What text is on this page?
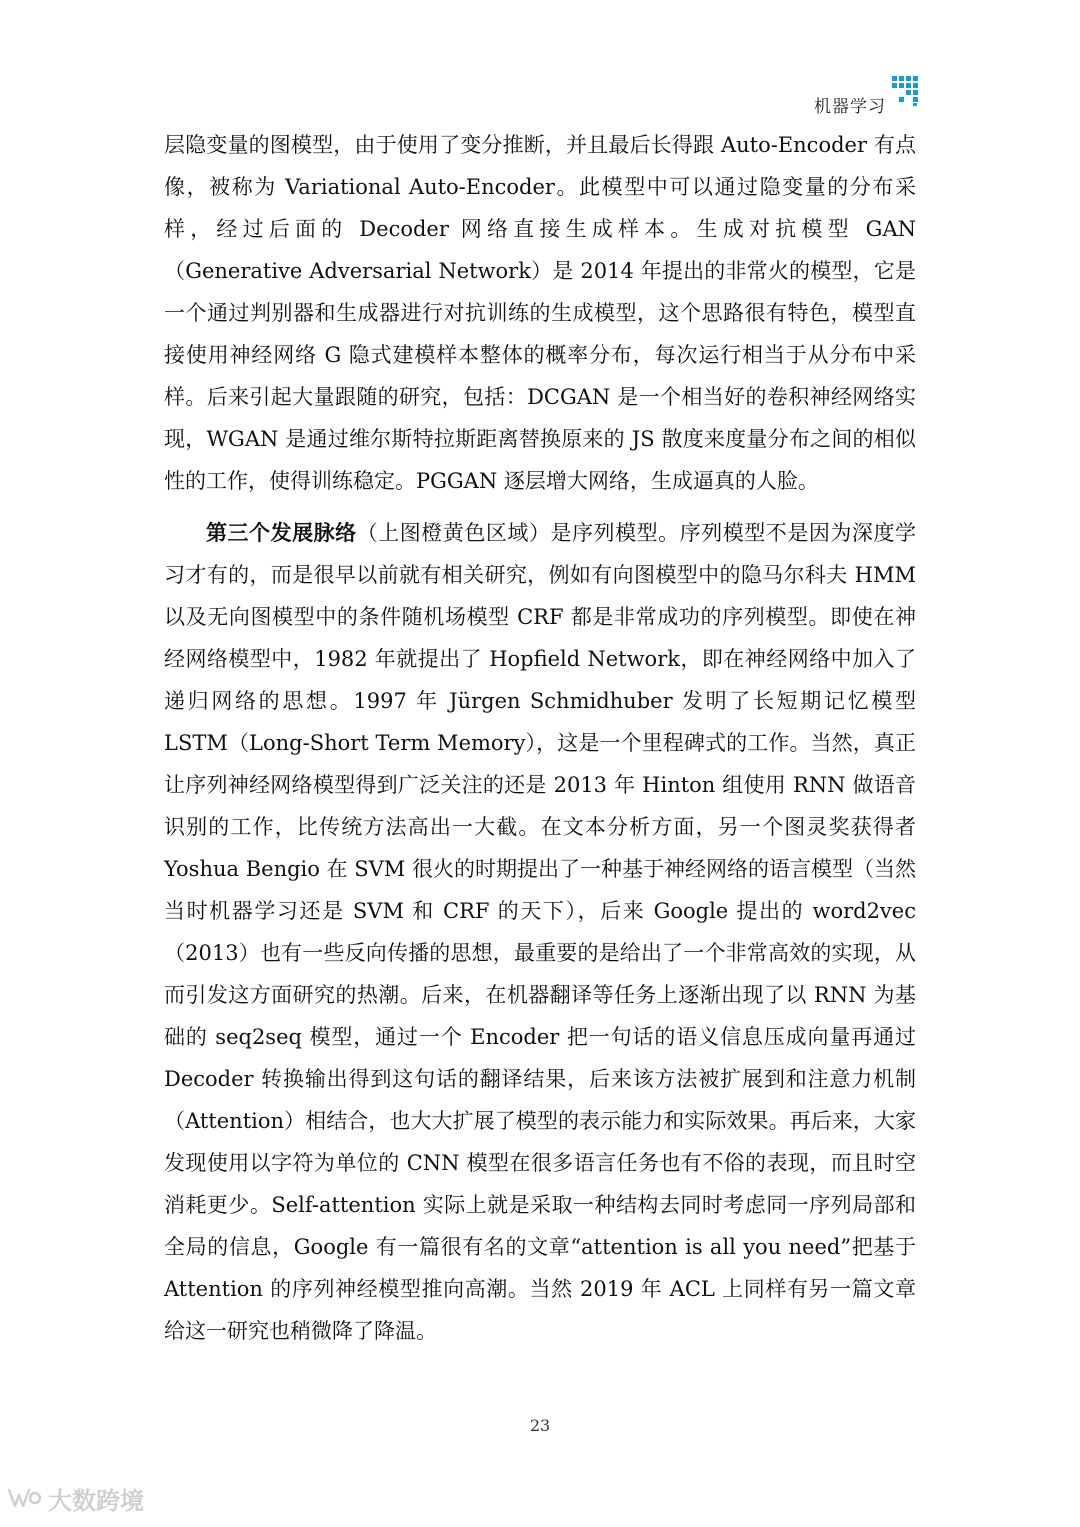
机器学习

层隐变量的图模型，由于使用了变分推断，并且最后长得跟 Auto-Encoder 有点像，被称为 Variational Auto-Encoder。此模型中可以通过隐变量的分布采样，经过后面的 Decoder 网络直接生成样本。生成对抗模型 GAN（Generative Adversarial Network）是 2014 年提出的非常火的模型，它是一个通过判别器和生成器进行对抗训练的生成模型，这个思路很有特色，模型直接使用神经网络 G 隐式建模样本整体的概率分布，每次运行相当于从分布中采样。后来引起大量跟随的研究，包括：DCGAN 是一个相当好的卷积神经网络实现，WGAN 是通过维尔斯特拉斯距离替换原来的 JS 散度来度量分布之间的相似性的工作，使得训练稳定。PGGAN 逐层增大网络，生成逼真的人脸。

第三个发展脉络（上图橙黄色区域）是序列模型。序列模型不是因为深度学习才有的，而是很早以前就有相关研究，例如有向图模型中的隐马尔科夫 HMM 以及无向图模型中的条件随机场模型 CRF 都是非常成功的序列模型。即使在神经网络模型中，1982 年就提出了 Hopfield Network，即在神经网络中加入了递归网络的思想。1997 年 Jürgen Schmidhuber 发明了长短期记忆模型 LSTM（Long-Short Term Memory），这是一个里程碑式的工作。当然，真正让序列神经网络模型得到广泛关注的还是 2013 年 Hinton 组使用 RNN 做语音识别的工作，比传统方法高出一大截。在文本分析方面，另一个图灵奖获得者 Yoshua Bengio 在 SVM 很火的时期提出了一种基于神经网络的语言模型（当然当时机器学习还是 SVM 和 CRF 的天下），后来 Google 提出的 word2vec（2013）也有一些反向传播的思想，最重要的是给出了一个非常高效的实现，从而引发这方面研究的热潮。后来，在机器翻译等任务上逐渐出现了以 RNN 为基础的 seq2seq 模型，通过一个 Encoder 把一句话的语义信息压成向量再通过 Decoder 转换输出得到这句话的翻译结果，后来该方法被扩展到和注意力机制（Attention）相结合，也大大扩展了模型的表示能力和实际效果。再后来，大家发现使用以字符为单位的 CNN 模型在很多语言任务也有不俗的表现，而且时空消耗更少。Self-attention 实际上就是采取一种结构去同时考虑同一序列局部和全局的信息，Google 有一篇很有名的文章“attention is all you need”把基于 Attention 的序列神经模型推向高潮。当然 2019 年 ACL 上同样有另一篇文章给这一研究也稍微降了降温。

23
大数跨境
